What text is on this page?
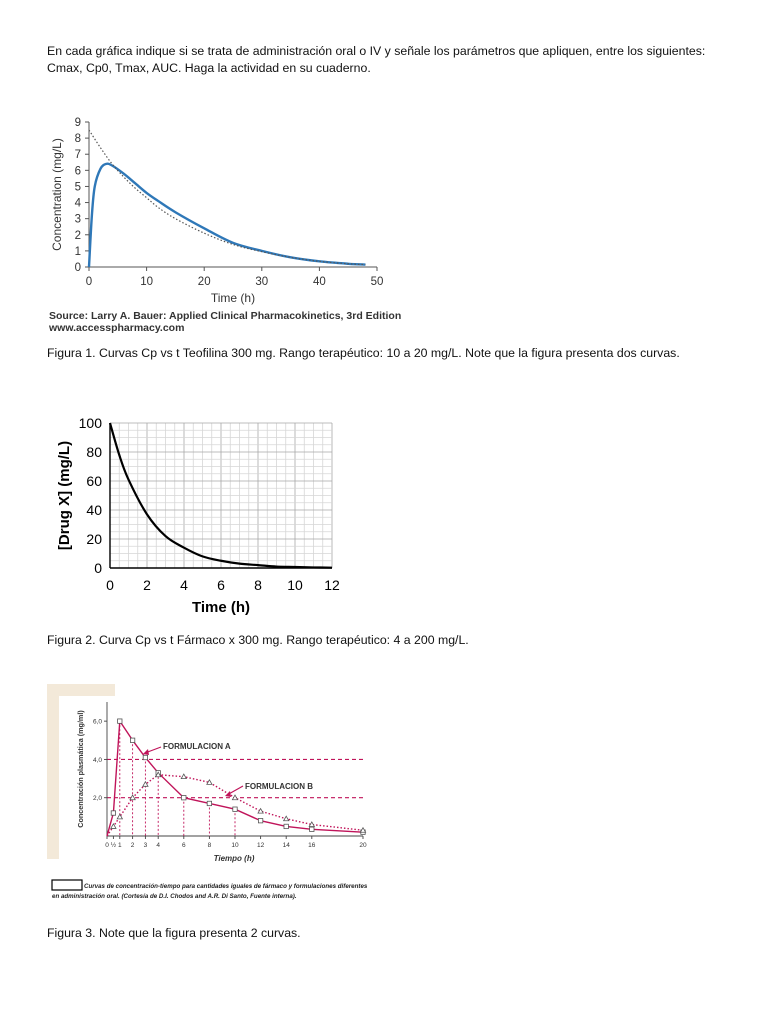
En cada gráfica indique si se trata de administración oral o IV y señale los parámetros que apliquen, entre los siguientes: Cmax, Cp0, Tmax, AUC. Haga la actividad en su cuaderno.

0	10	20	30	40	50
0
1
2
3
4
5
6
7
8
9
Time (h)
Concentration (mg/L)
Source: Larry A. Bauer: Applied Clinical Pharmacokinetics, 3rd Edition
www.accesspharmacy.com

Figura 1. Curvas Cp vs t Teofilina 300 mg. Rango terapéutico: 10 a 20 mg/L. Note que la figura presenta dos curvas.

0 2 4 6 8 10 12
0
20
40
60
80
100
Time (h)
[Drug X] (mg/L)

Figura 2. Curva Cp vs t Fármaco x 300 mg. Rango terapéutico: 4 a 200 mg/L.

2,0
4,0
6,0
0 ½ 1 2 3 4	6	8	10	12	14	16	20
Tiempo (h)
Concentración plasmática (mg/ml)	FORMULACION A
FORMULACION B
Curvas de concentración-tiempo para cantidades iguales de fármaco y formulaciones diferentes
en administración oral. (Cortesía de D.I. Chodos and A.R. Di Santo, Fuente interna).

Figura 3. Note que la figura presenta 2 curvas.
